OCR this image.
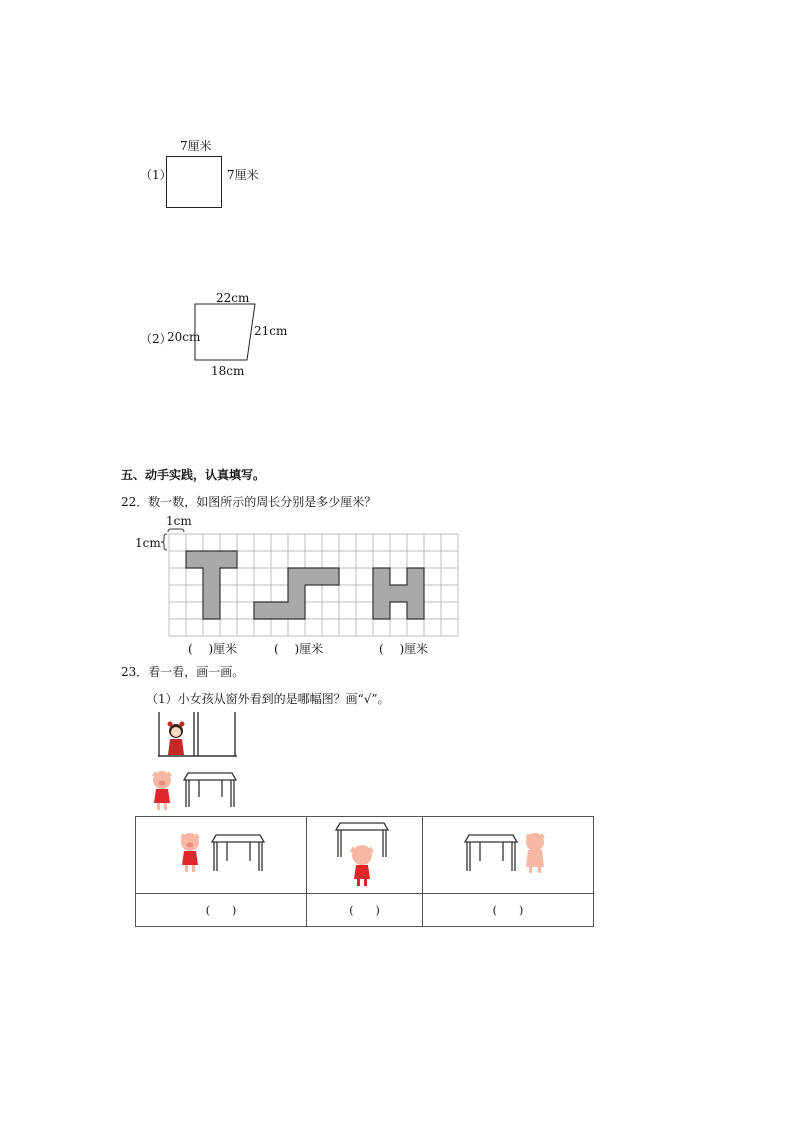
（1）
7厘米
7厘米
（2）
22cm
20cm	21cm
18cm
五、动手实践，认真填写。
22．数一数，如图所示的周长分别是多少厘米？
1cm
1cm
(　 )厘米	(　 )厘米	(　 )厘米
23．看一看，画一画。
（1）小女孩从窗外看到的是哪幅图？画“√”。

(　　)	(　　)	(　　)
